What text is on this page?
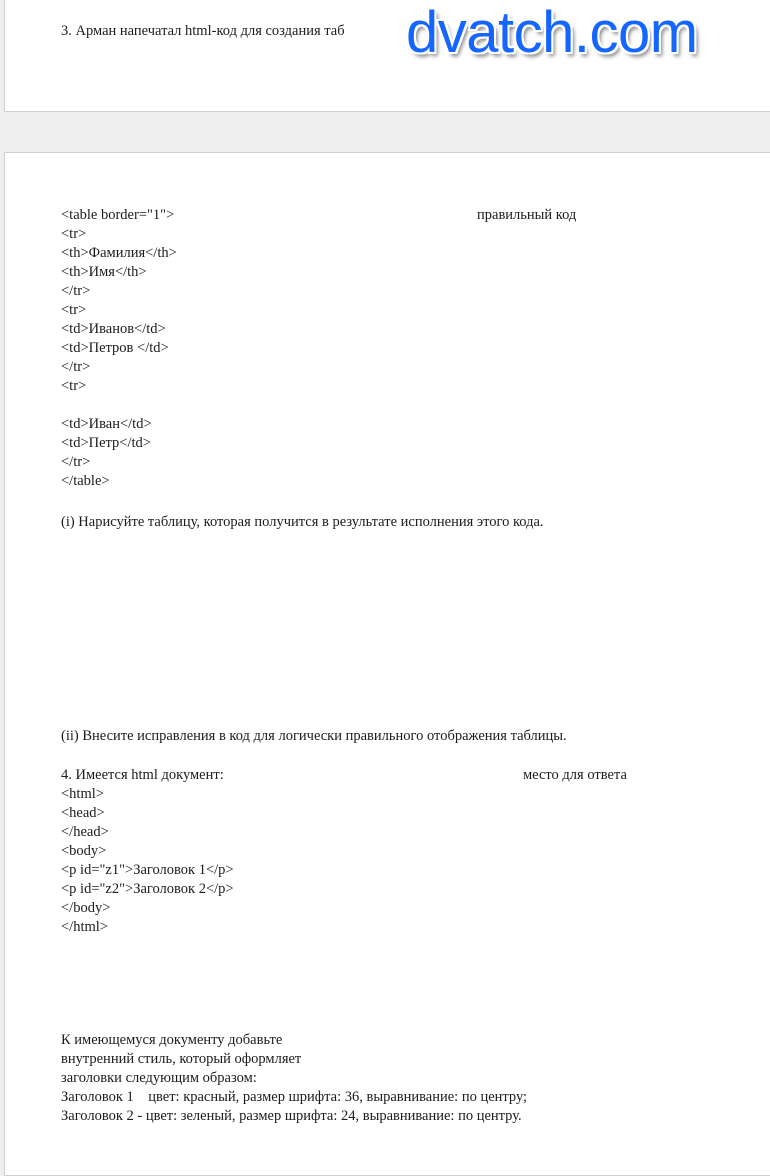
3. Арман напечатал html-код для создания таб dvatch.com
<table border="1">
<tr>
<th>Фамилия</th>
<th>Имя</th>
</tr>
<tr>
<td>Иванов</td>
<td>Петров </td>
</tr>
<tr>
<td>Иван</td>
<td>Петр</td>
</tr>
</table>
правильный код
(i) Нарисуйте таблицу, которая получится в результате исполнения этого кода.
(ii) Внесите исправления в код для логически правильного отображения таблицы.
4. Имеется html документ:	место для ответа
<html>
<head>
</head>
<body>
<p id="z1">Заголовок 1</p>
<p id="z2">Заголовок 2</p>
</body>
</html>
К имеющемуся документу добавьте
внутренний стиль, который оформляет
заголовки следующим образом:
Заголовок 1    цвет: красный, размер шрифта: 36, выравнивание: по центру;
Заголовок 2 - цвет: зеленый, размер шрифта: 24, выравнивание: по центру.
